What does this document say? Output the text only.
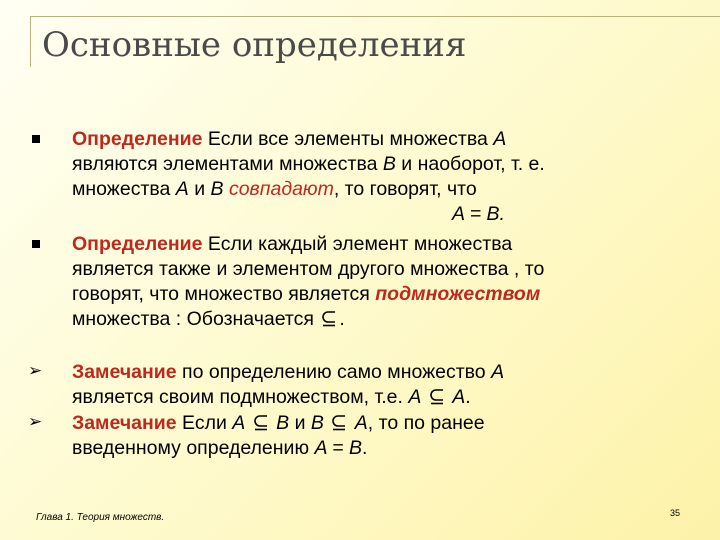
Основные определения
Определение Если все элементы множества A
являются элементами множества B и наоборот, т. е.
множества A и B совпадают, то говорят, что
A = B.
Определение Если каждый элемент множества
является также и элементом другого множества , то
говорят, что множество является подмножеством
множества : Обозначается .
➢ Замечание по определению само множество A
является своим подмножеством, т.е. A A.
➢ Замечание Если A B и B A, то по ранее
введенному определению A = B.
Глава 1. Теория множеств.	35
